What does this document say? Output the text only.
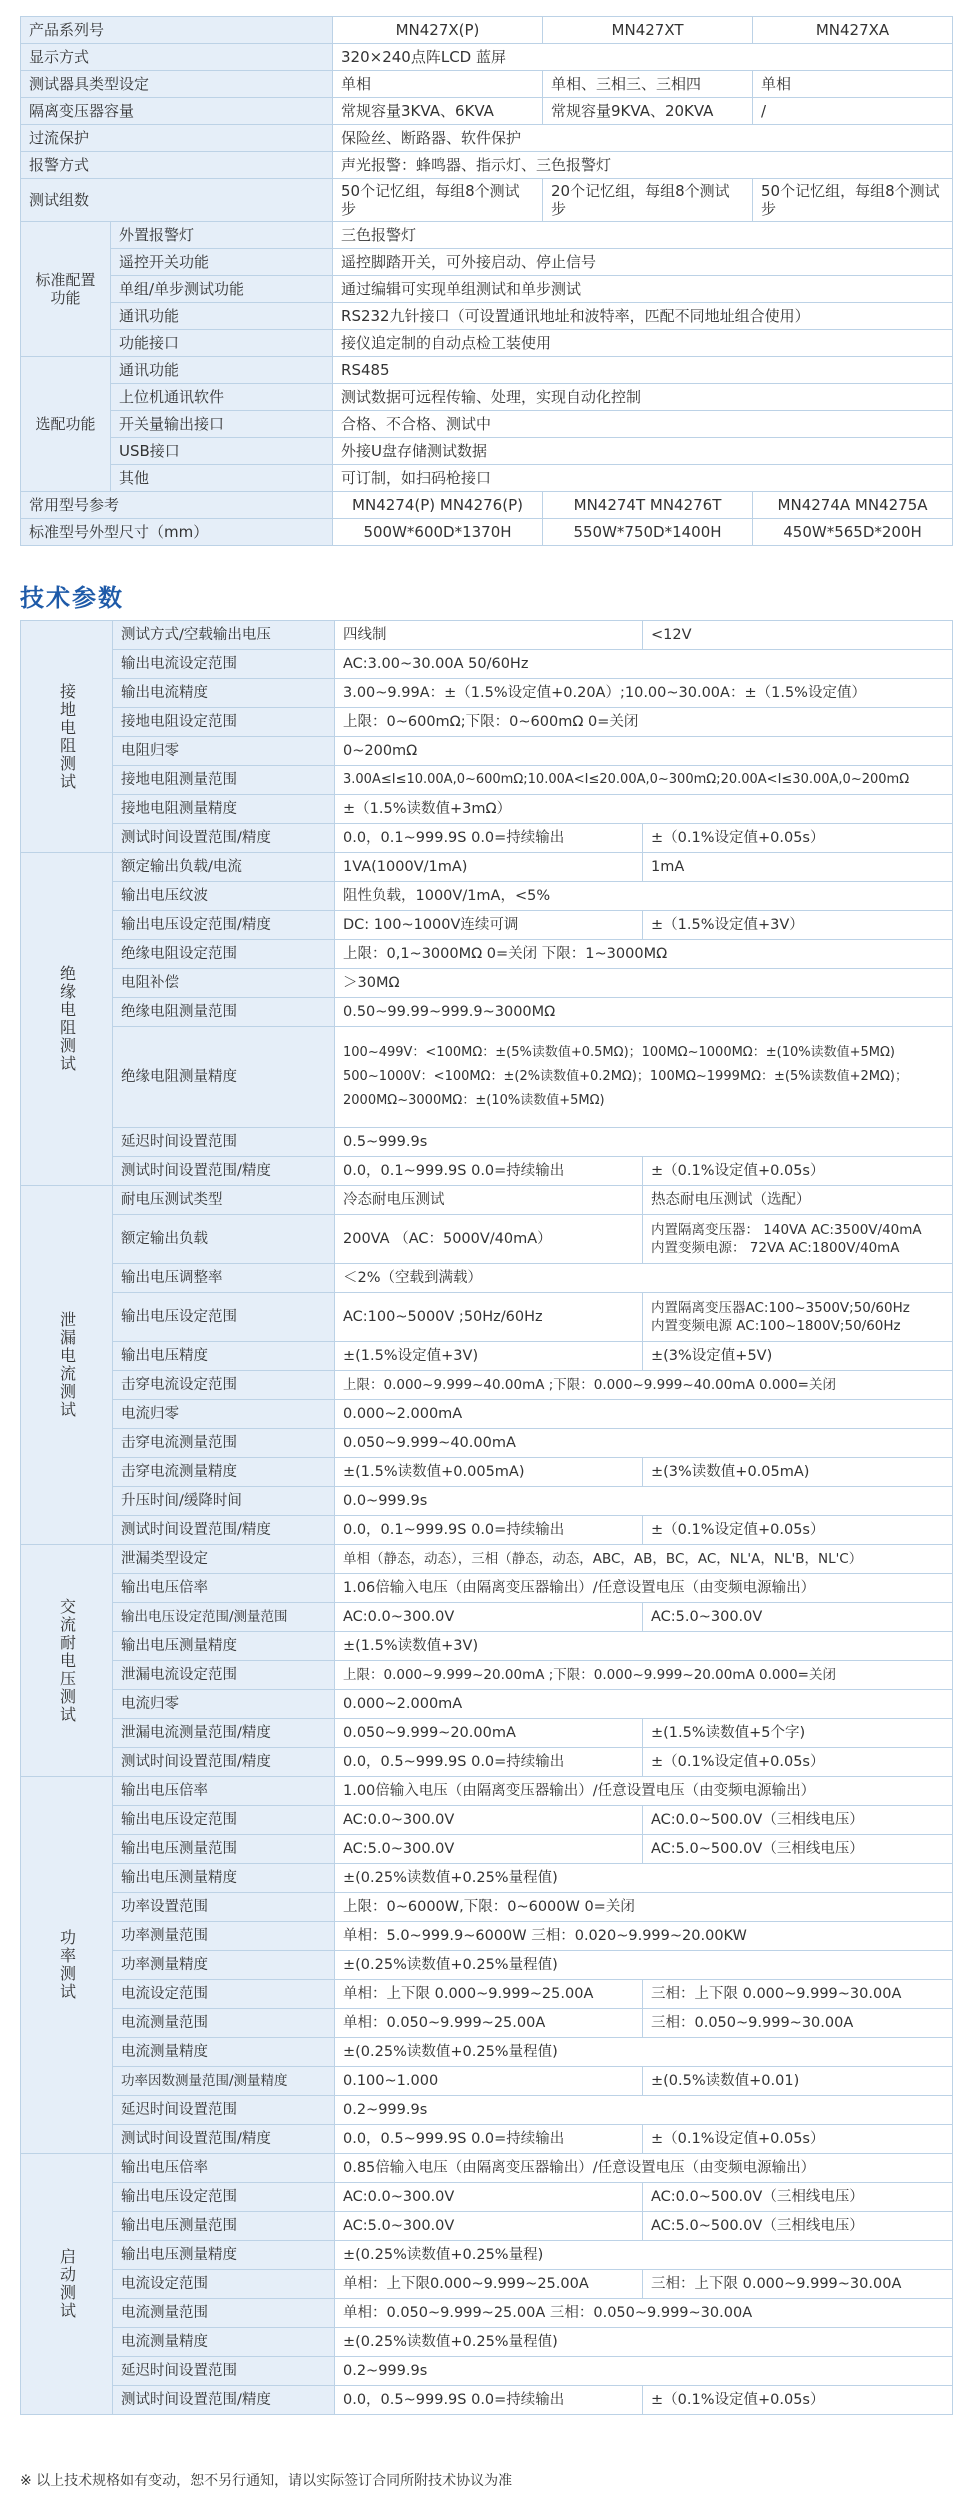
产品系列号		MN427X(P)	MN427XT	MN427XA
显示方式		320×240点阵LCD 蓝屏		
测试器具类型设定		单相	单相、三相三、三相四	单相
隔离变压器容量		常规容量3KVA、6KVA	常规容量9KVA、20KVA	/
过流保护		保险丝、断路器、软件保护		
报警方式		声光报警：蜂鸣器、指示灯、三色报警灯		
测试组数		50个记忆组，每组8个测试步	20个记忆组，每组8个测试步	50个记忆组，每组8个测试步
标准配置功能	外置报警灯	三色报警灯		
	遥控开关功能	遥控脚踏开关，可外接启动、停止信号		
	单组/单步测试功能	通过编辑可实现单组测试和单步测试		
	通讯功能	RS232九针接口（可设置通讯地址和波特率，匹配不同地址组合使用）		
	功能接口	接仪追定制的自动点检工装使用		
选配功能	通讯功能	RS485		
	上位机通讯软件	测试数据可远程传输、处理，实现自动化控制		
	开关量输出接口	合格、不合格、测试中		
	USB接口	外接U盘存储测试数据		
	其他	可订制，如扫码枪接口		
常用型号参考		MN4274(P) MN4276(P)	MN4274T MN4276T	MN4274A MN4275A
标准型号外型尺寸（mm）		500W*600D*1370H	550W*750D*1400H	450W*565D*200H
技术参数
接地电阻测试	测试方式/空载输出电压	四线制	<12V
	输出电流设定范围	AC:3.00~30.00A 50/60Hz	
	输出电流精度	3.00~9.99A：±（1.5%设定值+0.20A）;10.00~30.00A：±（1.5%设定值）	
	接地电阻设定范围	上限：0~600mΩ;下限：0~600mΩ 0=关闭	
	电阻归零	0~200mΩ	
	接地电阻测量范围	3.00A≤I≤10.00A,0~600mΩ;10.00A<I≤20.00A,0~300mΩ;20.00A<I≤30.00A,0~200mΩ	
	接地电阻测量精度	±（1.5%读数值+3mΩ）	
	测试时间设置范围/精度	0.0，0.1~999.9S 0.0=持续输出	±（0.1%设定值+0.05s）
绝缘电阻测试	额定输出负载/电流	1VA(1000V/1mA)	1mA
	输出电压纹波	阻性负载，1000V/1mA，<5%	
	输出电压设定范围/精度	DC: 100~1000V连续可调	±（1.5%设定值+3V）
	绝缘电阻设定范围	上限：0,1~3000MΩ 0=关闭 下限：1~3000MΩ	
	电阻补偿	＞30MΩ	
	绝缘电阻测量范围	0.50~99.99~999.9~3000MΩ	
	绝缘电阻测量精度	100~499V：<100MΩ：±(5%读数值+0.5MΩ)；100MΩ~1000MΩ：±(10%读数值+5MΩ)
500~1000V：<100MΩ：±(2%读数值+0.2MΩ)；100MΩ~1999MΩ：±(5%读数值+2MΩ)；
2000MΩ~3000MΩ：±(10%读数值+5MΩ)	

	延迟时间设置范围	0.5~999.9s	
	测试时间设置范围/精度	0.0，0.1~999.9S 0.0=持续输出	±（0.1%设定值+0.05s）
泄漏电流测试	耐电压测试类型	冷态耐电压测试	热态耐电压测试（选配）
	额定输出负载	200VA （AC：5000V/40mA）	内置隔离变压器： 140VA AC:3500V/40mA
内置变频电源： 72VA AC:1800V/40mA

	输出电压调整率	＜2%（空载到满载）	
	输出电压设定范围	AC:100~5000V ;50Hz/60Hz	内置隔离变压器AC:100~3500V;50/60Hz
内置变频电源 AC:100~1800V;50/60Hz

	输出电压精度	±(1.5%设定值+3V)	±(3%设定值+5V)
	击穿电流设定范围	上限：0.000~9.999~40.00mA ;下限：0.000~9.999~40.00mA 0.000=关闭	
	电流归零	0.000~2.000mA	
	击穿电流测量范围	0.050~9.999~40.00mA	
	击穿电流测量精度	±(1.5%读数值+0.005mA)	±(3%读数值+0.05mA)
	升压时间/缓降时间	0.0~999.9s	
	测试时间设置范围/精度	0.0，0.1~999.9S 0.0=持续输出	±（0.1%设定值+0.05s）
交流耐电压测试	泄漏类型设定	单相（静态，动态），三相（静态，动态，ABC，AB，BC，AC，NL'A，NL'B，NL'C）	
	输出电压倍率	1.06倍输入电压（由隔离变压器输出）/任意设置电压（由变频电源输出）	
	输出电压设定范围/测量范围	AC:0.0~300.0V	AC:5.0~300.0V
	输出电压测量精度	±(1.5%读数值+3V)	
	泄漏电流设定范围	上限：0.000~9.999~20.00mA ;下限：0.000~9.999~20.00mA 0.000=关闭	
	电流归零	0.000~2.000mA	
	泄漏电流测量范围/精度	0.050~9.999~20.00mA	±(1.5%读数值+5个字)
	测试时间设置范围/精度	0.0，0.5~999.9S 0.0=持续输出	±（0.1%设定值+0.05s）
功率测试	输出电压倍率	1.00倍输入电压（由隔离变压器输出）/任意设置电压（由变频电源输出）	
	输出电压设定范围	AC:0.0~300.0V	AC:0.0~500.0V（三相线电压）
	输出电压测量范围	AC:5.0~300.0V	AC:5.0~500.0V（三相线电压）
	输出电压测量精度	±(0.25%读数值+0.25%量程值)	
	功率设置范围	上限：0~6000W,下限：0~6000W 0=关闭	
	功率测量范围	单相：5.0~999.9~6000W 三相：0.020~9.999~20.00KW	
	功率测量精度	±(0.25%读数值+0.25%量程值)	
	电流设定范围	单相：上下限 0.000~9.999~25.00A	三相：上下限 0.000~9.999~30.00A
	电流测量范围	单相：0.050~9.999~25.00A	三相：0.050~9.999~30.00A
	电流测量精度	±(0.25%读数值+0.25%量程值)	
	功率因数测量范围/测量精度	0.100~1.000	±(0.5%读数值+0.01)
	延迟时间设置范围	0.2~999.9s	
	测试时间设置范围/精度	0.0，0.5~999.9S 0.0=持续输出	±（0.1%设定值+0.05s）
启动测试	输出电压倍率	0.85倍输入电压（由隔离变压器输出）/任意设置电压（由变频电源输出）	
	输出电压设定范围	AC:0.0~300.0V	AC:0.0~500.0V（三相线电压）
	输出电压测量范围	AC:5.0~300.0V	AC:5.0~500.0V（三相线电压）
	输出电压测量精度	±(0.25%读数值+0.25%量程)	
	电流设定范围	单相：上下限0.000~9.999~25.00A	三相：上下限 0.000~9.999~30.00A
	电流测量范围	单相：0.050~9.999~25.00A 三相：0.050~9.999~30.00A	
	电流测量精度	±(0.25%读数值+0.25%量程值)	
	延迟时间设置范围	0.2~999.9s	
	测试时间设置范围/精度	0.0，0.5~999.9S 0.0=持续输出	±（0.1%设定值+0.05s）
※ 以上技术规格如有变动，恕不另行通知，请以实际签订合同所附技术协议为准
